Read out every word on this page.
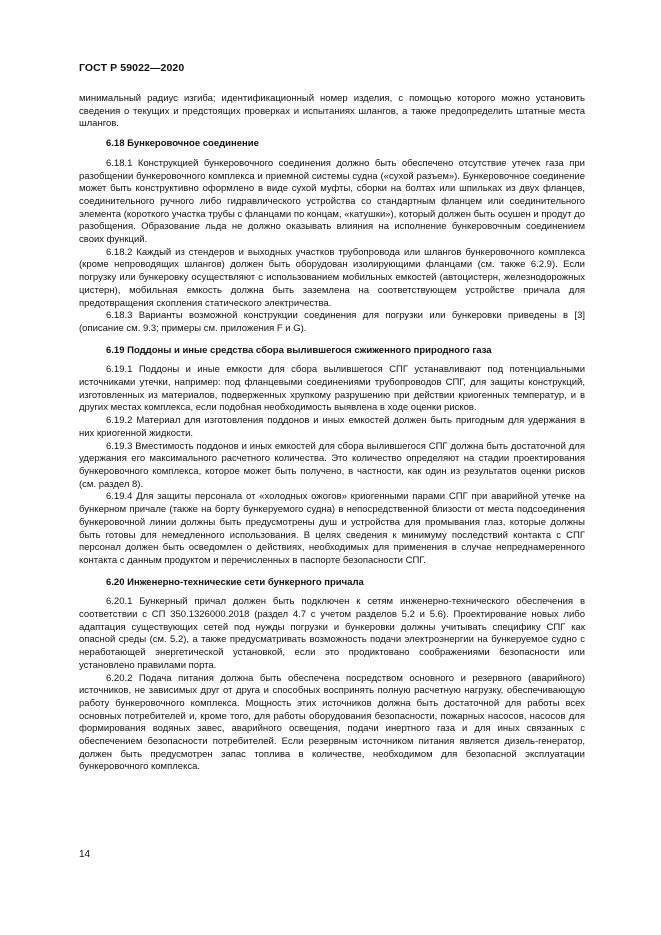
ГОСТ Р 59022—2020

минимальный радиус изгиба; идентификационный номер изделия, с помощью которого можно установить сведения о текущих и предстоящих проверках и испытаниях шлангов, а также предопределить штатные места шлангов.

6.18 Бункеровочное соединение

6.18.1 Конструкцией бункеровочного соединения должно быть обеспечено отсутствие утечек газа при разобщении бункеровочного комплекса и приемной системы судна («сухой разъем»). Бункеровочное соединение может быть конструктивно оформлено в виде сухой муфты, сборки на болтах или шпильках из двух фланцев, соединительного ручного либо гидравлического устройства со стандартным фланцем или соединительного элемента (короткого участка трубы с фланцами по концам, «катушки»), который должен быть осушен и продут до разобщения. Образование льда не должно оказывать влияния на исполнение бункеровочным соединением своих функций.

6.18.2 Каждый из стендеров и выходных участков трубопровода или шлангов бункеровочного комплекса (кроме непроводящих шлангов) должен быть оборудован изолирующими фланцами (см. также 6.2.9). Если погрузку или бункеровку осуществляют с использованием мобильных емкостей (автоцистерн, железнодорожных цистерн), мобильная емкость должна быть заземлена на соответствующем устройстве причала для предотвращения скопления статического электричества.

6.18.3 Варианты возможной конструкции соединения для погрузки или бункеровки приведены в [3] (описание см. 9.3; примеры см. приложения F и G).

6.19 Поддоны и иные средства сбора вылившегося сжиженного природного газа

6.19.1 Поддоны и иные емкости для сбора вылившегося СПГ устанавливают под потенциальными источниками утечки, например: под фланцевыми соединениями трубопроводов СПГ, для защиты конструкций, изготовленных из материалов, подверженных хрупкому разрушению при действии криогенных температур, и в других местах комплекса, если подобная необходимость выявлена в ходе оценки рисков.

6.19.2 Материал для изготовления поддонов и иных емкостей должен быть пригодным для удержания в них криогенной жидкости.

6.19.3 Вместимость поддонов и иных емкостей для сбора вылившегося СПГ должна быть достаточной для удержания его максимального расчетного количества. Это количество определяют на стадии проектирования бункеровочного комплекса, которое может быть получено, в частности, как один из результатов оценки рисков (см. раздел 8).

6.19.4 Для защиты персонала от «холодных ожогов» криогенными парами СПГ при аварийной утечке на бункерном причале (также на борту бункеруемого судна) в непосредственной близости от места подсоединения бункеровочной линии должны быть предусмотрены душ и устройства для промывания глаз, которые должны быть готовы для немедленного использования. В целях сведения к минимуму последствий контакта с СПГ персонал должен быть осведомлен о действиях, необходимых для применения в случае непреднамеренного контакта с данным продуктом и перечисленных в паспорте безопасности СПГ.

6.20 Инженерно-технические сети бункерного причала

6.20.1 Бункерный причал должен быть подключен к сетям инженерно-технического обеспечения в соответствии с СП 350.1326000.2018 (раздел 4.7 с учетом разделов 5.2 и 5.6). Проектирование новых либо адаптация существующих сетей под нужды погрузки и бункеровки должны учитывать специфику СПГ как опасной среды (см. 5.2), а также предусматривать возможность подачи электроэнергии на бункеруемое судно с неработающей энергетической установкой, если это продиктовано соображениями безопасности или установлено правилами порта.

6.20.2 Подача питания должна быть обеспечена посредством основного и резервного (аварийного) источников, не зависимых друг от друга и способных воспринять полную расчетную нагрузку, обеспечивающую работу бункеровочного комплекса. Мощность этих источников должна быть достаточной для работы всех основных потребителей и, кроме того, для работы оборудования безопасности, пожарных насосов, насосов для формирования водяных завес, аварийного освещения, подачи инертного газа и для иных связанных с обеспечением безопасности потребителей. Если резервным источником питания является дизель-генератор, должен быть предусмотрен запас топлива в количестве, необходимом для безопасной эксплуатации бункеровочного комплекса.

14
